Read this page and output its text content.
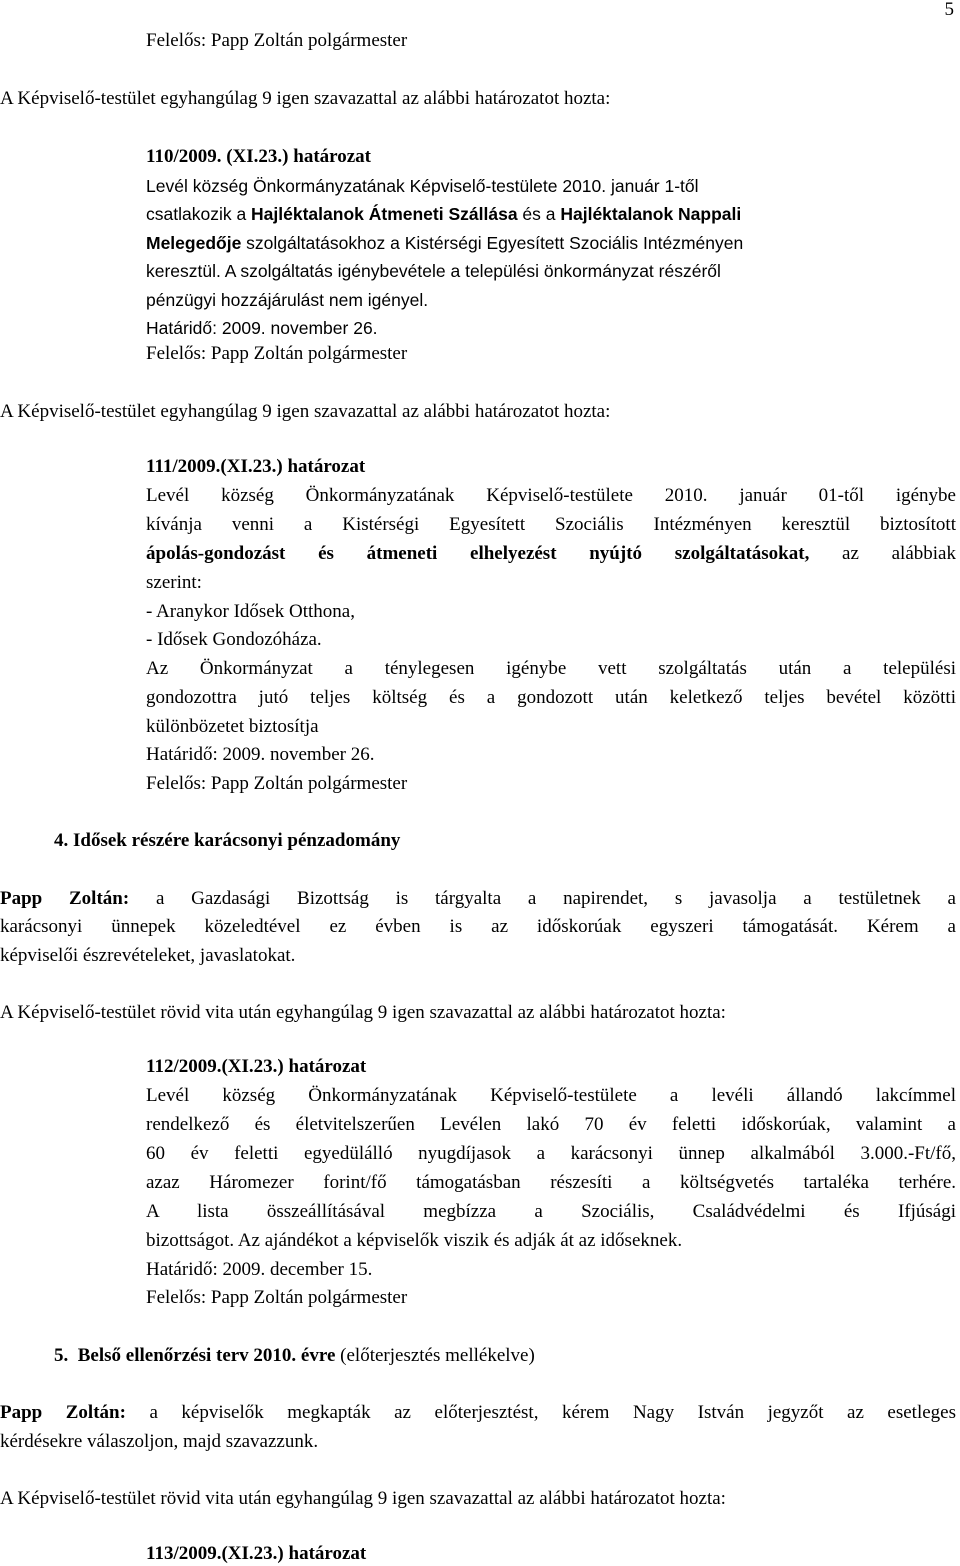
5

Felelős: Papp Zoltán polgármester

A Képviselő-testület egyhangúlag 9 igen szavazattal az alábbi határozatot hozta:

110/2009. (XI.23.) határozat

Levél község Önkormányzatának Képviselő-testülete 2010. január 1-től

csatlakozik a Hajléktalanok Átmeneti Szállása és a Hajléktalanok Nappali

Melegedője szolgáltatásokhoz a Kistérségi Egyesített Szociális Intézményen

keresztül. A szolgáltatás igénybevétele a települési önkormányzat részéről

pénzügyi hozzájárulást nem igényel.

Határidő: 2009. november 26.

Felelős: Papp Zoltán polgármester

A Képviselő-testület egyhangúlag 9 igen szavazattal az alábbi határozatot hozta:

111/2009.(XI.23.) határozat

Levél község Önkormányzatának Képviselő-testülete 2010. január 01-től igénybe

kívánja venni a Kistérségi Egyesített Szociális Intézményen keresztül biztosított

ápolás-gondozást és átmeneti elhelyezést nyújtó szolgáltatásokat, az alábbiak

szerint:

- Aranykor Idősek Otthona,

- Idősek Gondozóháza.

Az Önkormányzat a ténylegesen igénybe vett szolgáltatás után a települési

gondozottra jutó teljes költség és a gondozott után keletkező teljes bevétel közötti

különbözetet biztosítja

Határidő: 2009. november 26.

Felelős: Papp Zoltán polgármester

4. Idősek részére karácsonyi pénzadomány

Papp Zoltán: a Gazdasági Bizottság is tárgyalta a napirendet, s javasolja a testületnek a

karácsonyi ünnepek közeledtével ez évben is az időskorúak egyszeri támogatását. Kérem a

képviselői észrevételeket, javaslatokat.

A Képviselő-testület rövid vita után egyhangúlag 9 igen szavazattal az alábbi határozatot hozta:

112/2009.(XI.23.) határozat

Levél község Önkormányzatának Képviselő-testülete a levéli állandó lakcímmel

rendelkező és életvitelszerűen Levélen lakó 70 év feletti időskorúak, valamint a

60 év feletti egyedülálló nyugdíjasok a karácsonyi ünnep alkalmából 3.000.-Ft/fő,

azaz Háromezer forint/fő támogatásban részesíti a költségvetés tartaléka terhére.

A lista összeállításával megbízza a Szociális, Családvédelmi és Ifjúsági

bizottságot. Az ajándékot a képviselők viszik és adják át az időseknek.

Határidő: 2009. december 15.

Felelős: Papp Zoltán polgármester

5.  Belső ellenőrzési terv 2010. évre (előterjesztés mellékelve)

Papp Zoltán: a képviselők megkapták az előterjesztést, kérem Nagy István jegyzőt az esetleges

kérdésekre válaszoljon, majd szavazzunk.

A Képviselő-testület rövid vita után egyhangúlag 9 igen szavazattal az alábbi határozatot hozta:

113/2009.(XI.23.) határozat
